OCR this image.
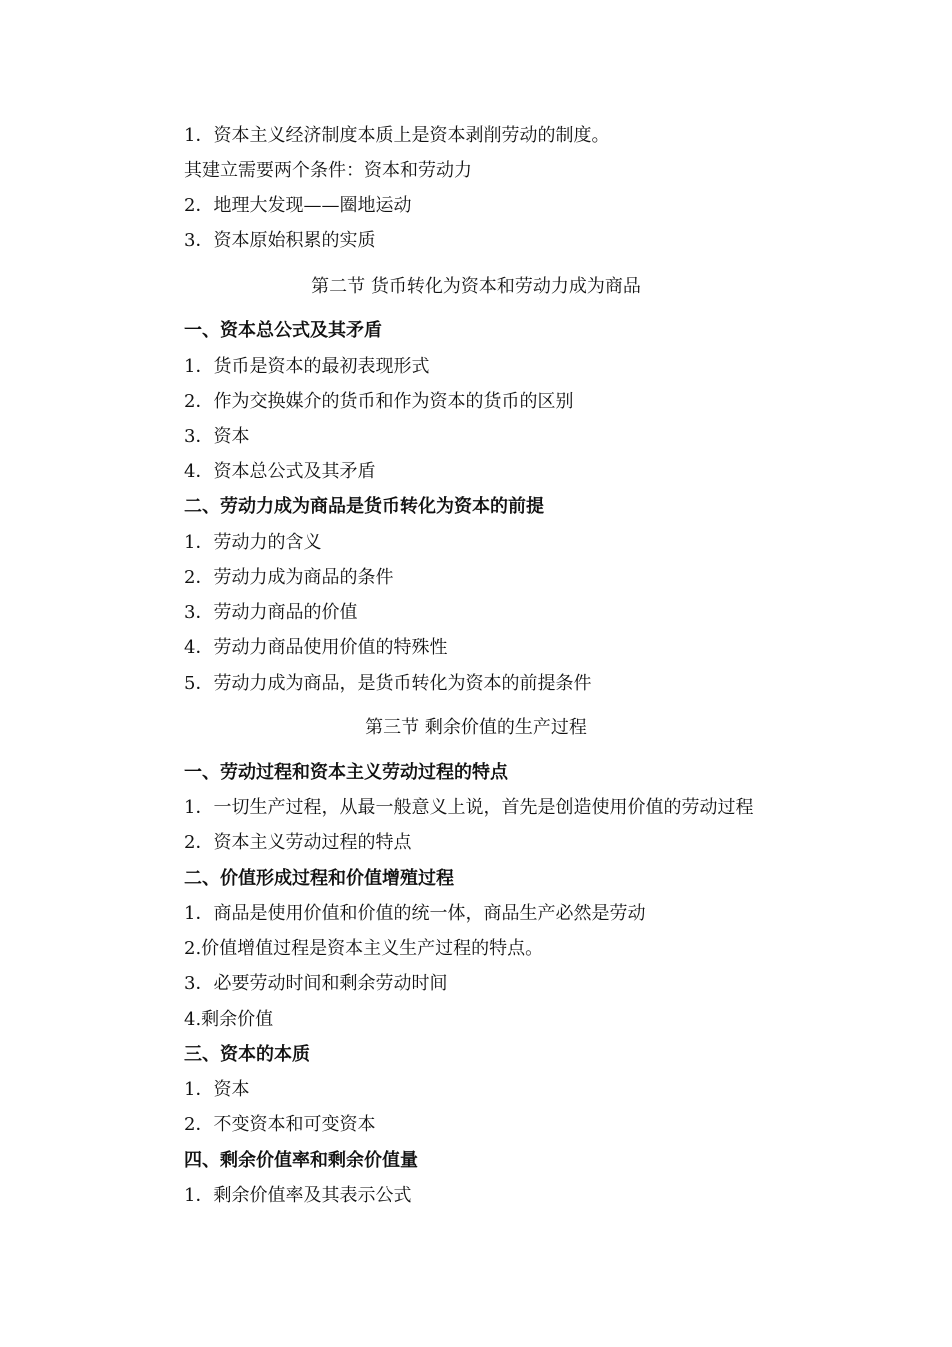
1．资本主义经济制度本质上是资本剥削劳动的制度。
其建立需要两个条件：资本和劳动力
2．地理大发现——圈地运动
3．资本原始积累的实质
第二节 货币转化为资本和劳动力成为商品
一、资本总公式及其矛盾
1．货币是资本的最初表现形式
2．作为交换媒介的货币和作为资本的货币的区别
3．资本
4．资本总公式及其矛盾
二、劳动力成为商品是货币转化为资本的前提
1．劳动力的含义
2．劳动力成为商品的条件
3．劳动力商品的价值
4．劳动力商品使用价值的特殊性
5．劳动力成为商品，是货币转化为资本的前提条件
第三节 剩余价值的生产过程
一、劳动过程和资本主义劳动过程的特点
1．一切生产过程，从最一般意义上说，首先是创造使用价值的劳动过程
2．资本主义劳动过程的特点
二、价值形成过程和价值增殖过程
1．商品是使用价值和价值的统一体，商品生产必然是劳动
2.价值增值过程是资本主义生产过程的特点。
3．必要劳动时间和剩余劳动时间
4.剩余价值
三、资本的本质
1．资本
2．不变资本和可变资本
四、剩余价值率和剩余价值量
1．剩余价值率及其表示公式
